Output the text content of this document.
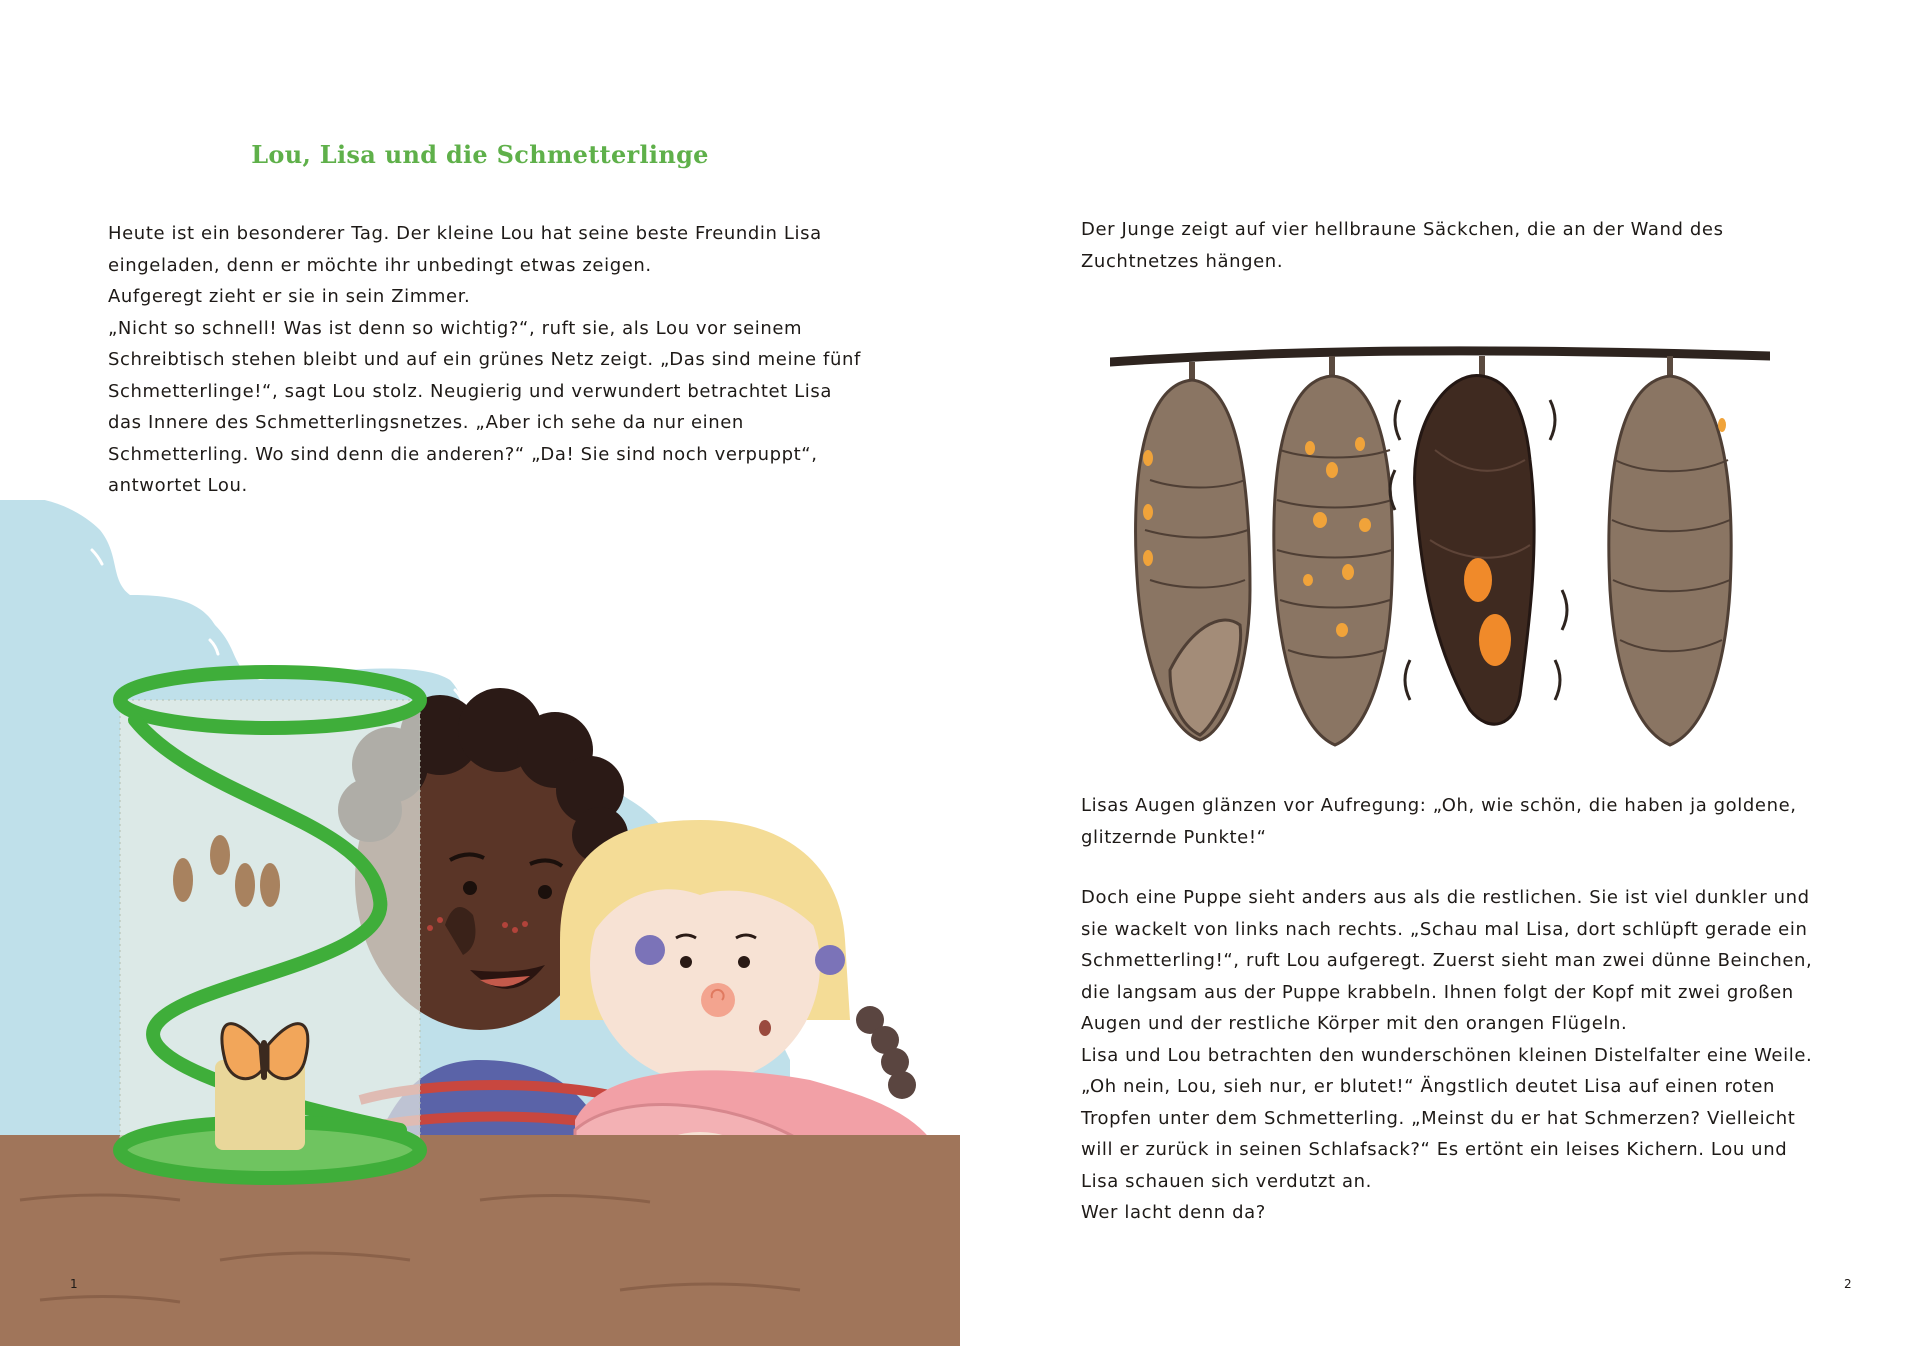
Lou, Lisa und die Schmetterlinge

Heute ist ein besonderer Tag. Der kleine Lou hat seine beste Freundin Lisa eingeladen, denn er möchte ihr unbedingt etwas zeigen.

Aufgeregt zieht er sie in sein Zimmer.

„Nicht so schnell! Was ist denn so wichtig?“, ruft sie, als Lou vor seinem Schreibtisch stehen bleibt und auf ein grünes Netz zeigt. „Das sind meine fünf Schmetterlinge!“, sagt Lou stolz. Neugierig und verwundert betrachtet Lisa das Innere des Schmetterlingsnetzes. „Aber ich sehe da nur einen Schmetterling. Wo sind denn die anderen?“ „Da! Sie sind noch verpuppt“, antwortet Lou.

1

Der Junge zeigt auf vier hellbraune Säckchen, die an der Wand des Zuchtnetzes hängen.

Lisas Augen glänzen vor Aufregung: „Oh, wie schön, die haben ja goldene, glitzernde Punkte!“

Doch eine Puppe sieht anders aus als die restlichen. Sie ist viel dunkler und sie wackelt von links nach rechts. „Schau mal Lisa, dort schlüpft gerade ein Schmetterling!“, ruft Lou aufgeregt. Zuerst sieht man zwei dünne Beinchen, die langsam aus der Puppe krabbeln. Ihnen folgt der Kopf mit zwei großen Augen und der restliche Körper mit den orangen Flügeln.

Lisa und Lou betrachten den wunderschönen kleinen Distelfalter eine Weile.

„Oh nein, Lou, sieh nur, er blutet!“ Ängstlich deutet Lisa auf einen roten Tropfen unter dem Schmetterling. „Meinst du er hat Schmerzen? Vielleicht will er zurück in seinen Schlafsack?“ Es ertönt ein leises Kichern. Lou und Lisa schauen sich verdutzt an.

Wer lacht denn da?

2
